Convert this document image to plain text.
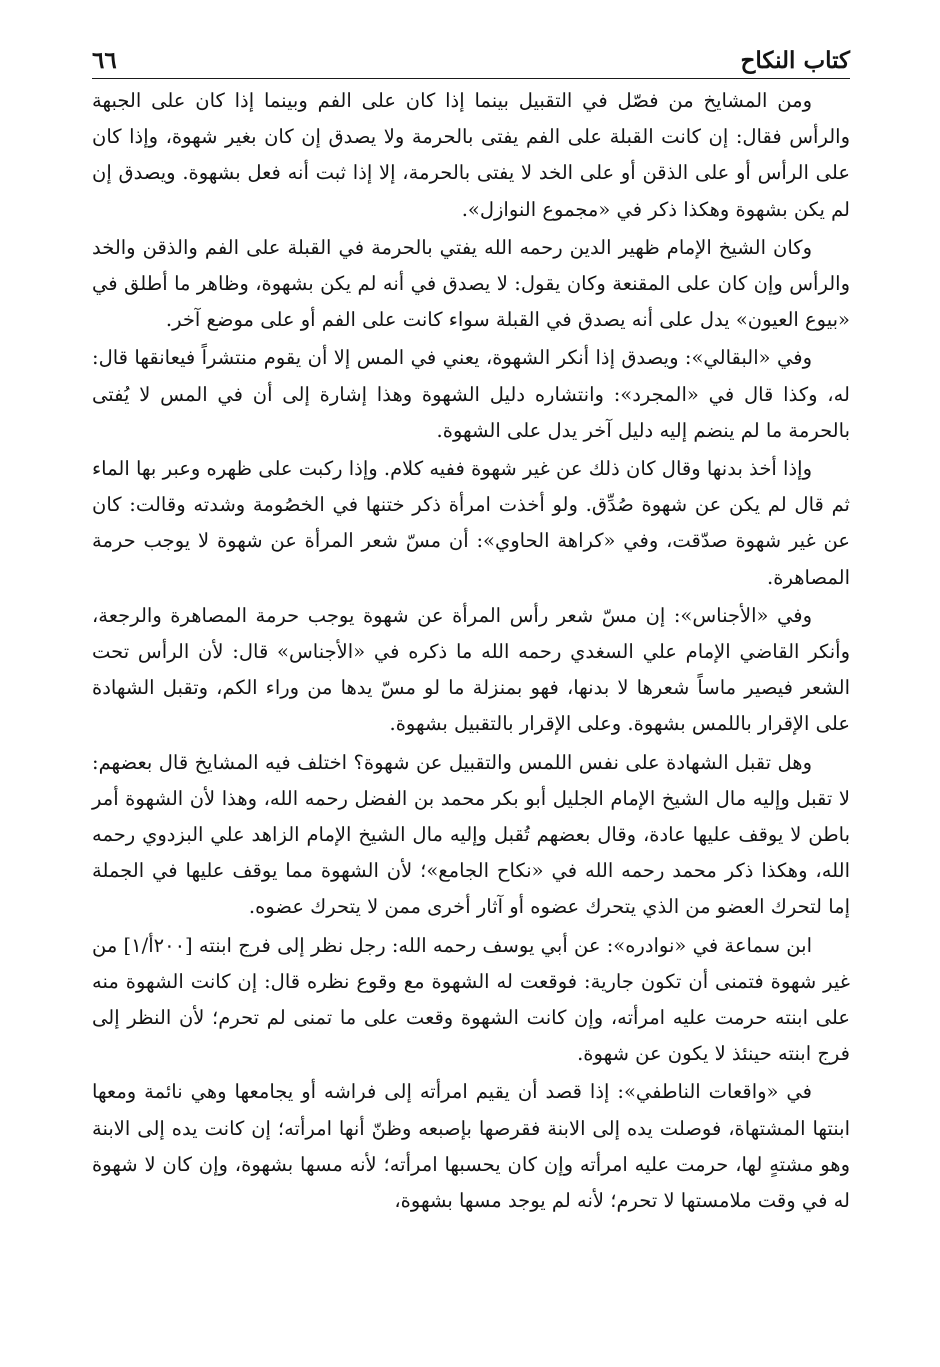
كتاب النكاح
٦٦

ومن المشايخ من فصّل في التقبيل بينما إذا كان على الفم وبينما إذا كان على الجبهة والرأس فقال: إن كانت القبلة على الفم يفتى بالحرمة ولا يصدق إن كان بغير شهوة، وإذا كان على الرأس أو على الذقن أو على الخد لا يفتى بالحرمة، إلا إذا ثبت أنه فعل بشهوة. ويصدق إن لم يكن بشهوة وهكذا ذكر في «مجموع النوازل».

وكان الشيخ الإمام ظهير الدين رحمه الله يفتي بالحرمة في القبلة على الفم والذقن والخد والرأس وإن كان على المقنعة وكان يقول: لا يصدق في أنه لم يكن بشهوة، وظاهر ما أطلق في «بيوع العيون» يدل على أنه يصدق في القبلة سواء كانت على الفم أو على موضع آخر.

وفي «البقالي»: ويصدق إذا أنكر الشهوة، يعني في المس إلا أن يقوم منتشراً فيعانقها قال: له، وكذا قال في «المجرد»: وانتشاره دليل الشهوة وهذا إشارة إلى أن في المس لا يُفتى بالحرمة ما لم ينضم إليه دليل آخر يدل على الشهوة.

وإذا أخذ بدنها وقال كان ذلك عن غير شهوة ففيه كلام. وإذا ركبت على ظهره وعبر بها الماء ثم قال لم يكن عن شهوة صُدِّق. ولو أخذت امرأة ذكر ختنها في الخصُومة وشدته وقالت: كان عن غير شهوة صدّقت، وفي «كراهة الحاوي»: أن مسّ شعر المرأة عن شهوة لا يوجب حرمة المصاهرة.

وفي «الأجناس»: إن مسّ شعر رأس المرأة عن شهوة يوجب حرمة المصاهرة والرجعة، وأنكر القاضي الإمام علي السغدي رحمه الله ما ذكره في «الأجناس» قال: لأن الرأس تحت الشعر فيصير ماساً شعرها لا بدنها، فهو بمنزلة ما لو مسّ يدها من وراء الكم، وتقبل الشهادة على الإقرار باللمس بشهوة. وعلى الإقرار بالتقبيل بشهوة.

وهل تقبل الشهادة على نفس اللمس والتقبيل عن شهوة؟ اختلف فيه المشايخ قال بعضهم: لا تقبل وإليه مال الشيخ الإمام الجليل أبو بكر محمد بن الفضل رحمه الله، وهذا لأن الشهوة أمر باطن لا يوقف عليها عادة، وقال بعضهم تُقبل وإليه مال الشيخ الإمام الزاهد علي البزدوي رحمه الله، وهكذا ذكر محمد رحمه الله في «نكاح الجامع»؛ لأن الشهوة مما يوقف عليها في الجملة إما لتحرك العضو من الذي يتحرك عضوه أو آثار أخرى ممن لا يتحرك عضوه.

ابن سماعة في «نوادره»: عن أبي يوسف رحمه الله: رجل نظر إلى فرج ابنته [٢٠٠أ/١] من غير شهوة فتمنى أن تكون جارية: فوقعت له الشهوة مع وقوع نظره قال: إن كانت الشهوة منه على ابنته حرمت عليه امرأته، وإن كانت الشهوة وقعت على ما تمنى لم تحرم؛ لأن النظر إلى فرج ابنته حينئذ لا يكون عن شهوة.

في «واقعات الناطفي»: إذا قصد أن يقيم امرأته إلى فراشه أو يجامعها وهي نائمة ومعها ابنتها المشتهاة، فوصلت يده إلى الابنة فقرصها بإصبعه وظنّ أنها امرأته؛ إن كانت يده إلى الابنة وهو مشتهٍ لها، حرمت عليه امرأته وإن كان يحسبها امرأته؛ لأنه مسها بشهوة، وإن كان لا شهوة له في وقت ملامستها لا تحرم؛ لأنه لم يوجد مسها بشهوة،
